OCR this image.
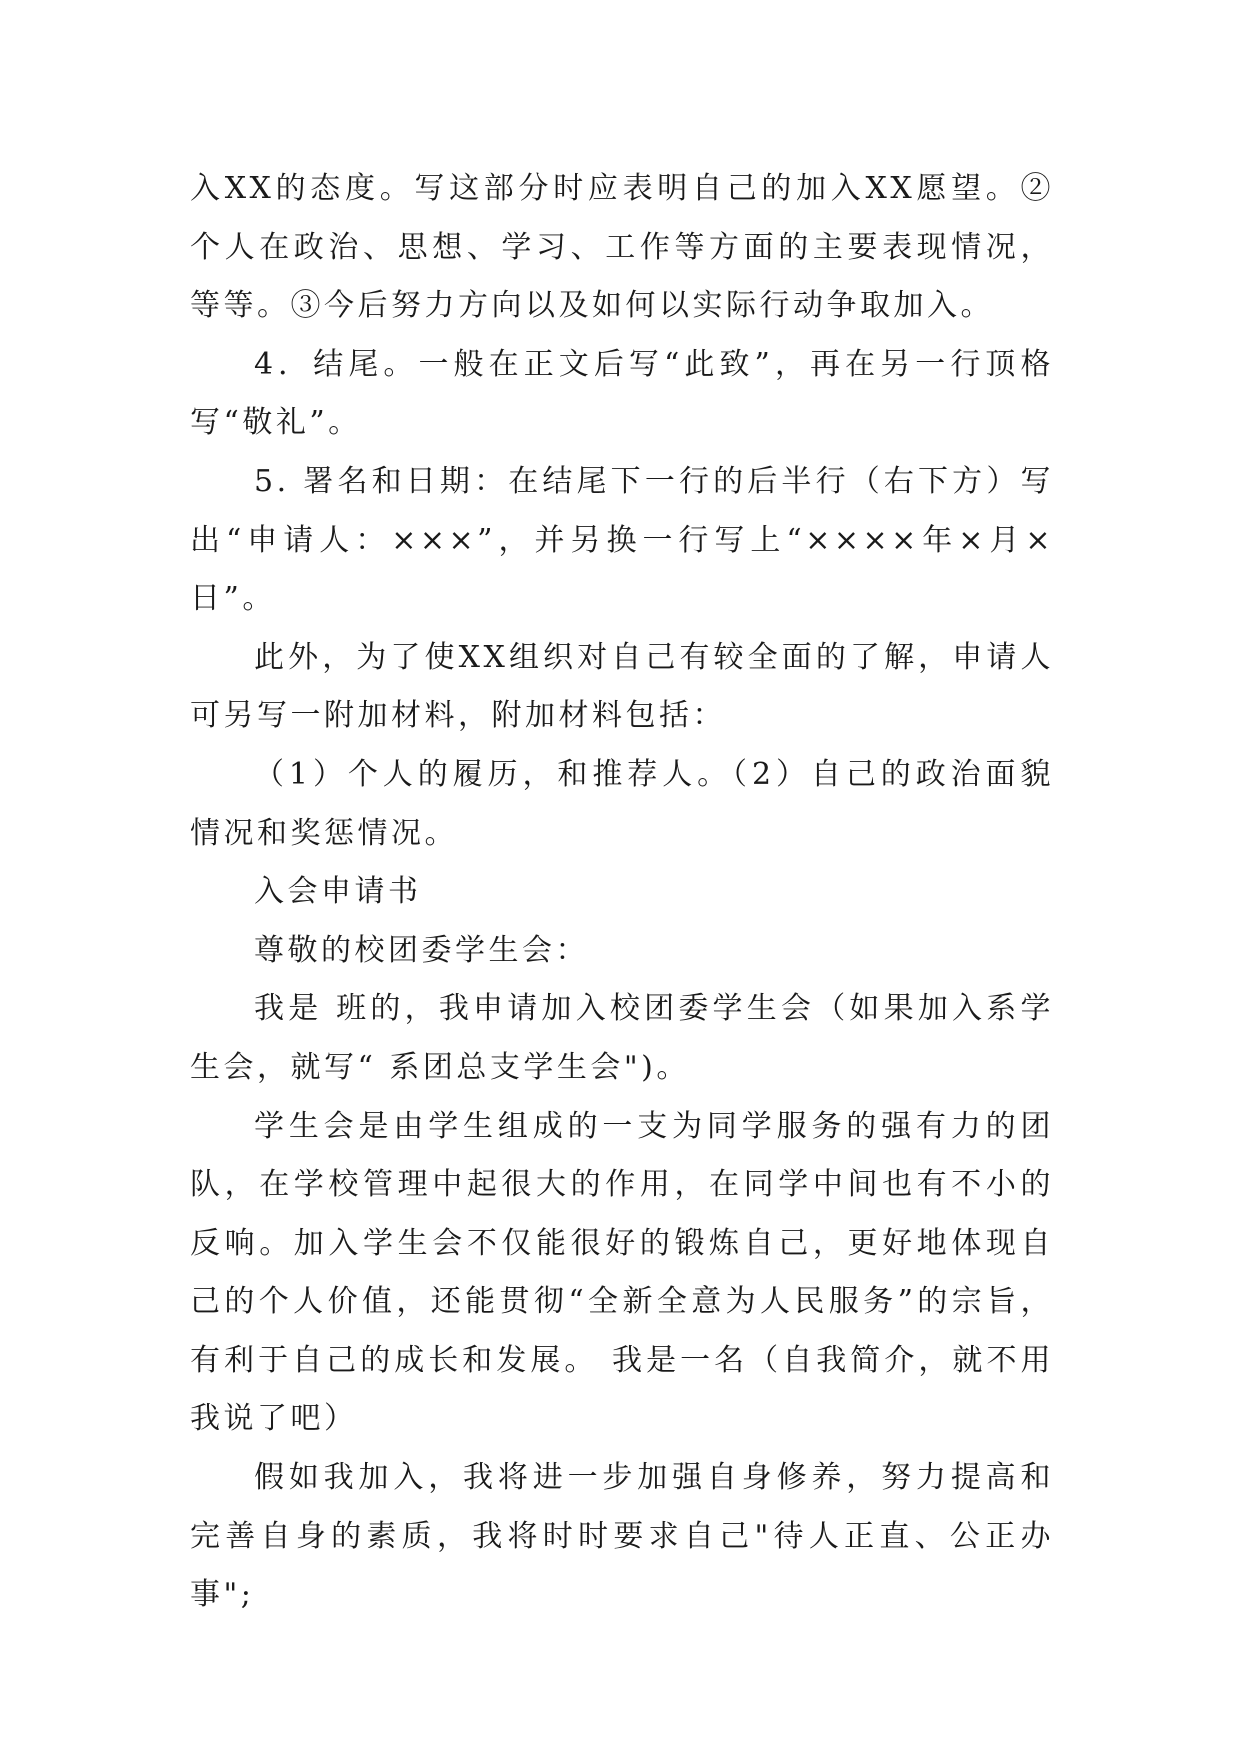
入XX的态度。写这部分时应表明自己的加入XX愿望。②个人在政治、思想、学习、工作等方面的主要表现情况，等等。③今后努力方向以及如何以实际行动争取加入。

4．结尾。一般在正文后写“此致”，再在另一行顶格写“敬礼”。

5. 署名和日期：在结尾下一行的后半行（右下方）写出“申请人：×××”，并另换一行写上“××××年×月×日”。

此外，为了使XX组织对自己有较全面的了解，申请人可另写一附加材料，附加材料包括：

（1）个人的履历，和推荐人。（2）自己的政治面貌情况和奖惩情况。

入会申请书

尊敬的校团委学生会：

我是 班的，我申请加入校团委学生会（如果加入系学生会，就写“ 系团总支学生会")。

学生会是由学生组成的一支为同学服务的强有力的团队，在学校管理中起很大的作用，在同学中间也有不小的反响。加入学生会不仅能很好的锻炼自己，更好地体现自己的个人价值，还能贯彻“全新全意为人民服务”的宗旨，有利于自己的成长和发展。 我是一名（自我简介，就不用我说了吧）

假如我加入，我将进一步加强自身修养，努力提高和完善自身的素质，我将时时要求自己"待人正直、公正办事";
